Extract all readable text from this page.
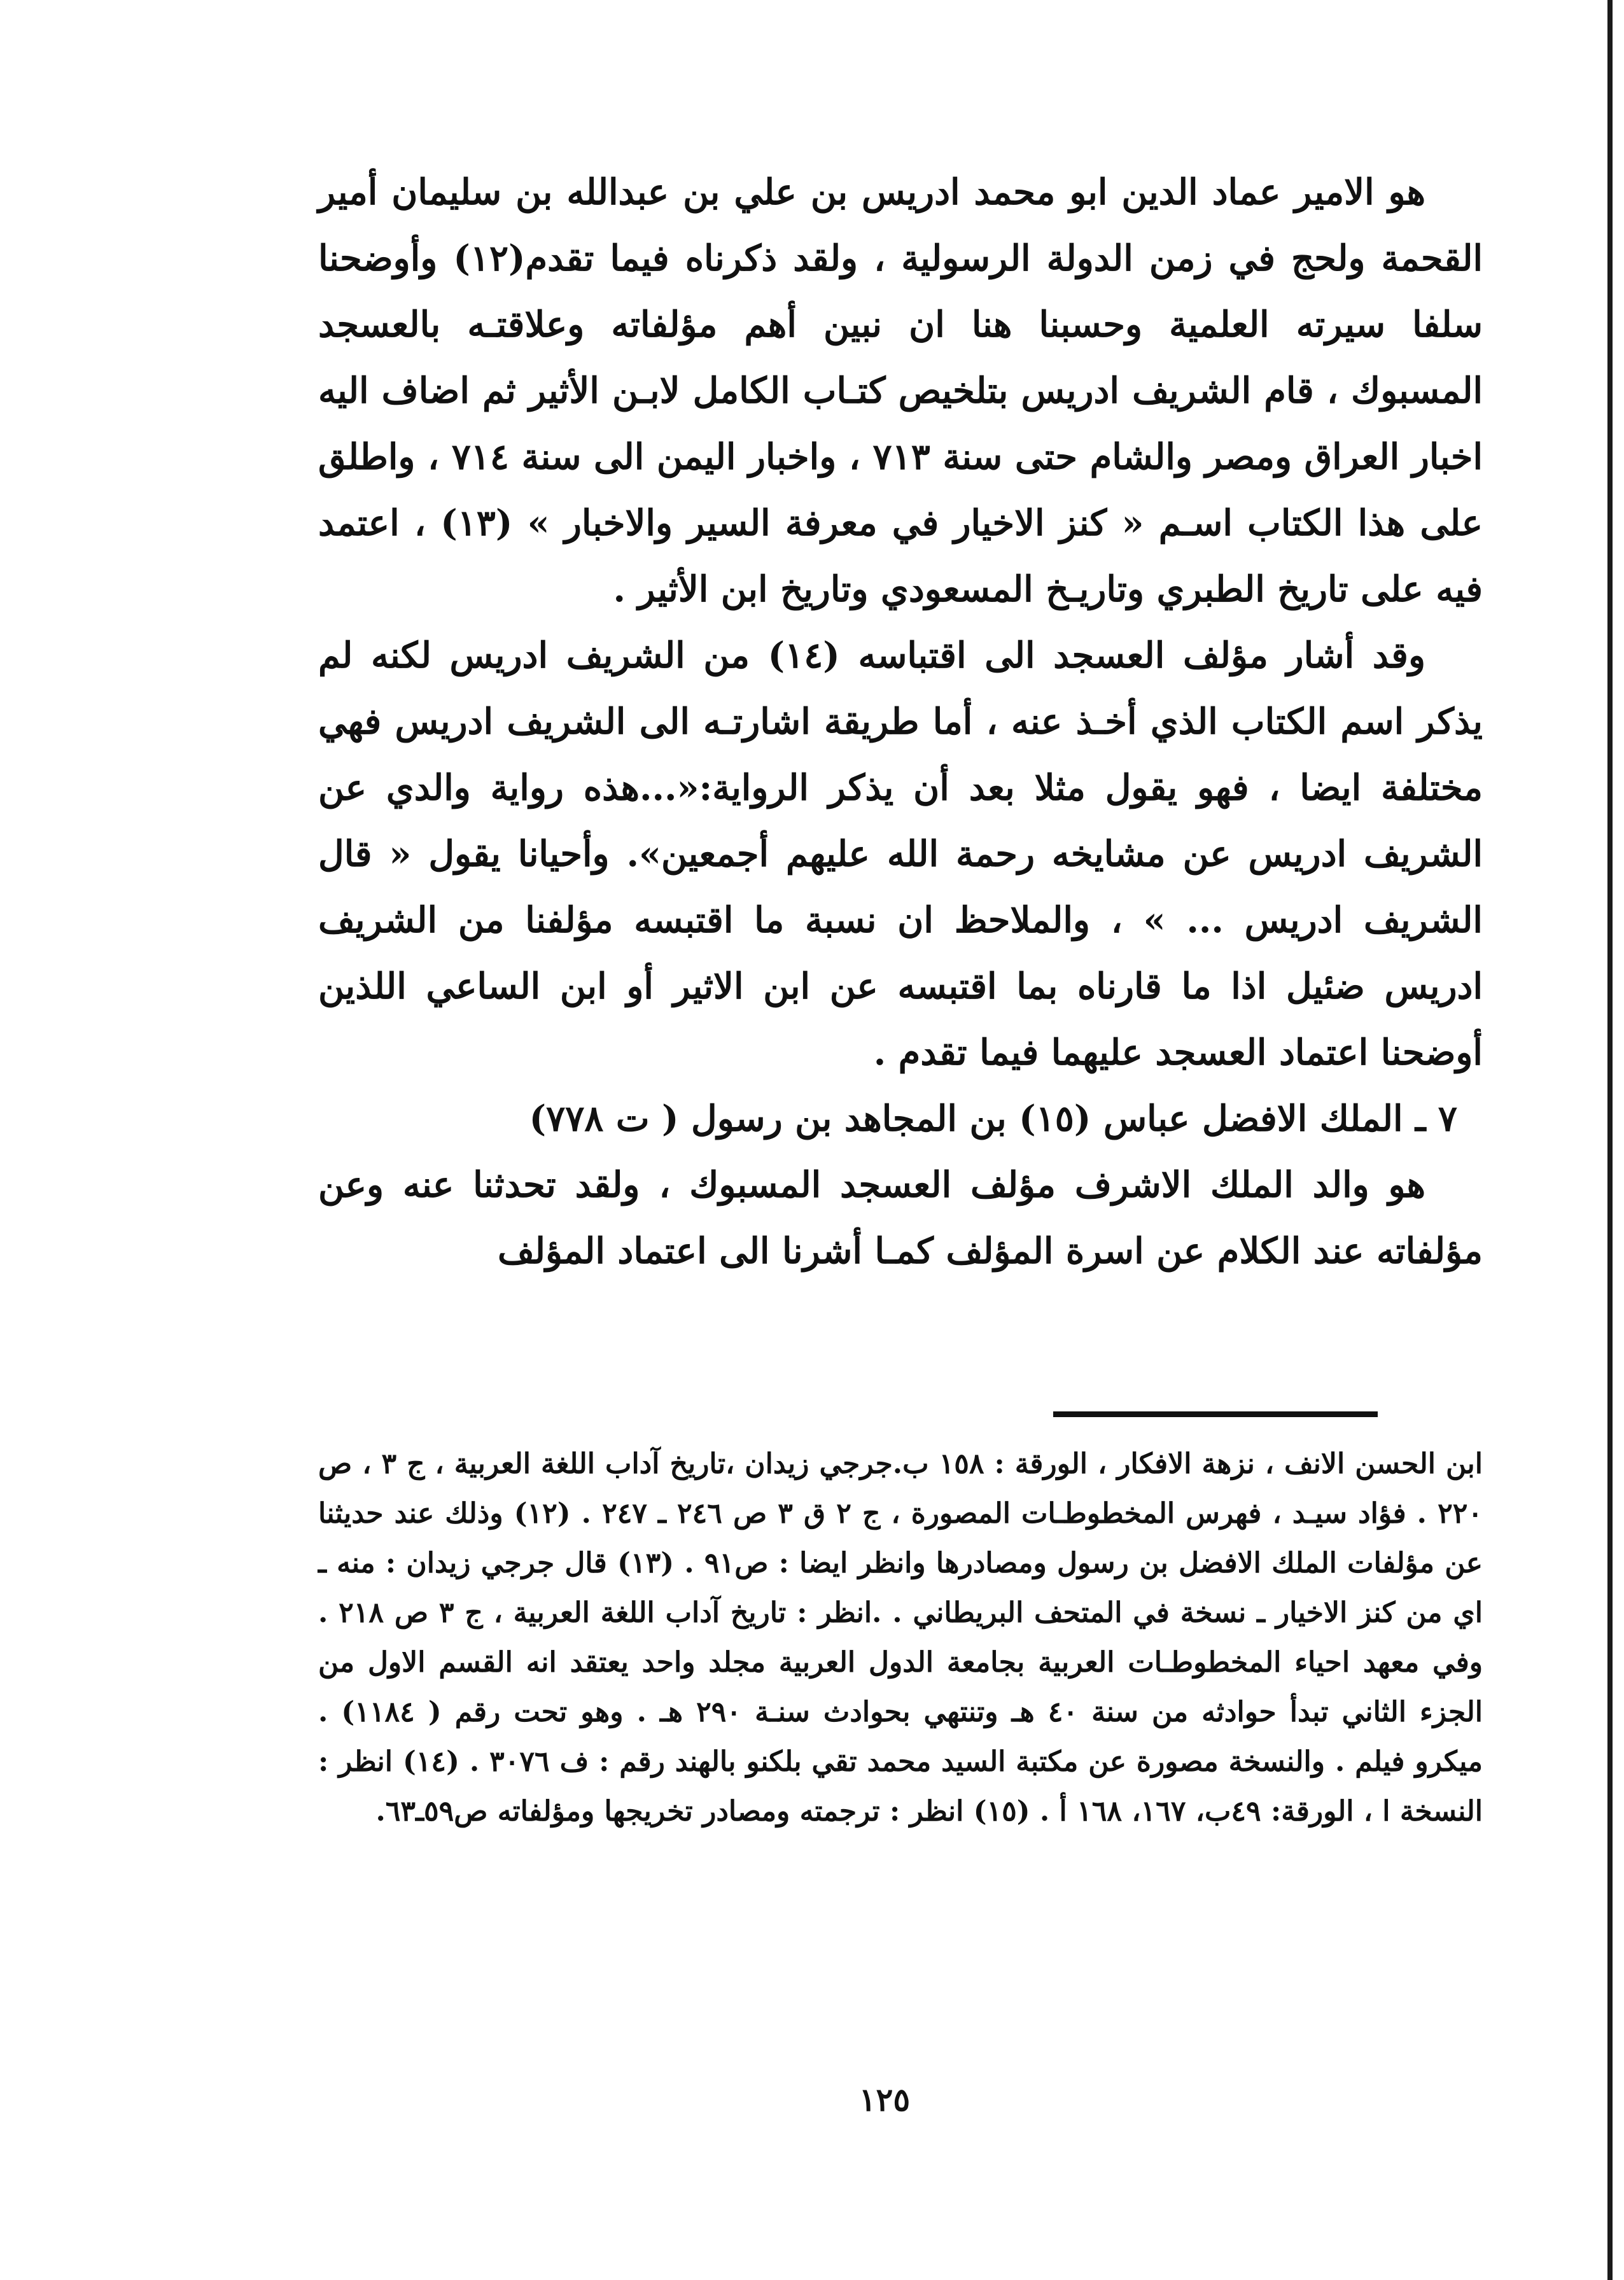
هو الامير عماد الدين ابو محمد ادريس بن علي بن عبدالله بن سليمان أمير القحمة ولحج في زمن الدولة الرسولية ، ولقد ذكرناه فيما تقدم(١٢) وأوضحنا سلفا سيرته العلمية وحسبنا هنا ان نبين أهم مؤلفاته وعلاقتـه بالعسجد المسبوك ، قام الشريف ادريس بتلخيص كتـاب الكامل لابـن الأثير ثم اضاف اليه اخبار العراق ومصر والشام حتى سنة ٧١٣ ، واخبار اليمن الى سنة ٧١٤ ، واطلق على هذا الكتاب اسـم « كنز الاخيار في معرفة السير والاخبار » (١٣) ، اعتمد فيه على تاريخ الطبري وتاريـخ المسعودي وتاريخ ابن الأثير .

وقد أشار مؤلف العسجد الى اقتباسه (١٤) من الشريف ادريس لكنه لم يذكر اسم الكتاب الذي أخـذ عنه ، أما طريقة اشارتـه الى الشريف ادريس فهي مختلفة ايضا ، فهو يقول مثلا بعد أن يذكر الرواية:«...هذه رواية والدي عن الشريف ادريس عن مشايخه رحمة الله عليهم أجمعين». وأحيانا يقول « قال الشريف ادريس ... » ، والملاحظ ان نسبة ما اقتبسه مؤلفنا من الشريف ادريس ضئيل اذا ما قارناه بما اقتبسه عن ابن الاثير أو ابن الساعي اللذين أوضحنا اعتماد العسجد عليهما فيما تقدم .

٧ ـ الملك الافضل عباس (١٥) بن المجاهد بن رسول ( ت ٧٧٨)

هو والد الملك الاشرف مؤلف العسجد المسبوك ، ولقد تحدثنا عنه وعن مؤلفاته عند الكلام عن اسرة المؤلف كمـا أشرنا الى اعتماد المؤلف

ابن الحسن الانف ، نزهة الافكار ، الورقة : ١٥٨ ب.جرجي زيدان ،تاريخ آداب اللغة العربية ، ج ٣ ، ص ٢٢٠ . فؤاد سيـد ، فهرس المخطوطـات المصورة ، ج ٢ ق ٣ ص ٢٤٦ ـ ٢٤٧ . (١٢) وذلك عند حديثنا عن مؤلفات الملك الافضل بن رسول ومصادرها وانظر ايضا : ص٩١ . (١٣) قال جرجي زيدان : منه ـ اي من كنز الاخيار ـ نسخة في المتحف البريطاني . .انظر : تاريخ آداب اللغة العربية ، ج ٣ ص ٢١٨ . وفي معهد احياء المخطوطـات العربية بجامعة الدول العربية مجلد واحد يعتقد انه القسم الاول من الجزء الثاني تبدأ حوادثه من سنة ٤٠ هـ وتنتهي بحوادث سنـة ٢٩٠ هـ . وهو تحت رقم ( ١١٨٤) . ميكرو فيلم . والنسخة مصورة عن مكتبة السيد محمد تقي بلكنو بالهند رقم : ف ٣٠٧٦ . (١٤) انظر : النسخة ا ، الورقة: ٤٩ب، ١٦٧، ١٦٨ أ . (١٥) انظر : ترجمته ومصادر تخريجها ومؤلفاته ص٥٩ـ٦٣.

١٢٥
